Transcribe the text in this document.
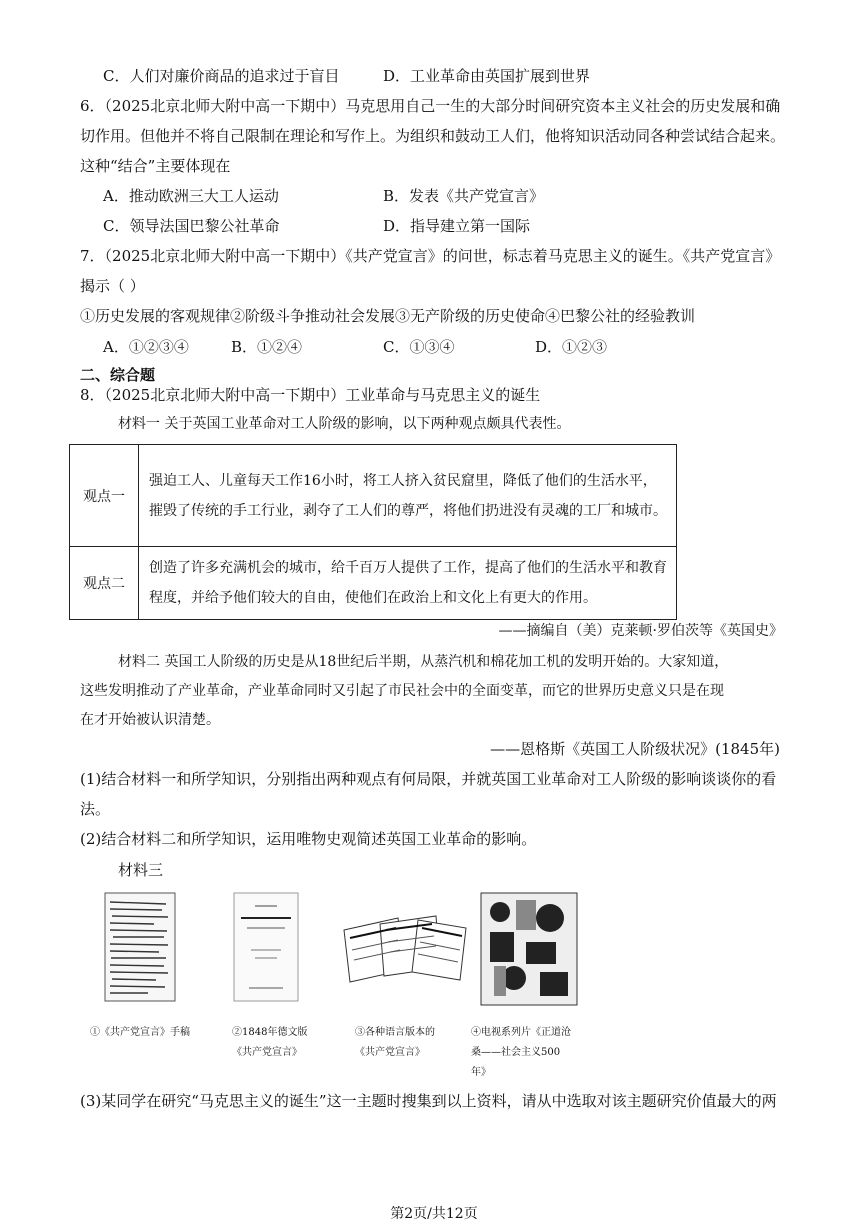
C．人们对廉价商品的追求过于盲目	D．工业革命由英国扩展到世界
6．（2025北京北师大附中高一下期中）马克思用自己一生的大部分时间研究资本主义社会的历史发展和确
切作用。但他并不将自己限制在理论和写作上。为组织和鼓动工人们，他将知识活动同各种尝试结合起来。
这种“结合”主要体现在
A．推动欧洲三大工人运动	B．发表《共产党宣言》
C．领导法国巴黎公社革命	D．指导建立第一国际
7．（2025北京北师大附中高一下期中）《共产党宣言》的问世，标志着马克思主义的诞生。《共产党宣言》
揭示（ ）
①历史发展的客观规律②阶级斗争推动社会发展③无产阶级的历史使命④巴黎公社的经验教训
A．①②③④	B．①②④	C．①③④	D．①②③
二、综合题
8．（2025北京北师大附中高一下期中）工业革命与马克思主义的诞生
材料一 关于英国工业革命对工人阶级的影响，以下两种观点颇具代表性。
观点一	强迫工人、儿童每天工作16小时，将工人挤入贫民窟里，降低了他们的生活水平，摧毁了传统的手工行业，剥夺了工人们的尊严，将他们扔进没有灵魂的工厂和城市。
观点二	创造了许多充满机会的城市，给千百万人提供了工作，提高了他们的生活水平和教育程度，并给予他们较大的自由，使他们在政治上和文化上有更大的作用。
——摘编自（美）克莱顿·罗伯茨等《英国史》
材料二 英国工人阶级的历史是从18世纪后半期，从蒸汽机和棉花加工机的发明开始的。大家知道，
这些发明推动了产业革命，产业革命同时又引起了市民社会中的全面变革，而它的世界历史意义只是在现
在才开始被认识清楚。
——恩格斯《英国工人阶级状况》(1845年)
(1)结合材料一和所学知识，分别指出两种观点有何局限，并就英国工业革命对工人阶级的影响谈谈你的看
法。
(2)结合材料二和所学知识，运用唯物史观简述英国工业革命的影响。
材料三
①《共产党宣言》手稿	②1848年德文版
《共产党宣言》
③各种语言版本的
《共产党宣言》
④电视系列片《正道沧
桑——社会主义500
年》
(3)某同学在研究“马克思主义的诞生”这一主题时搜集到以上资料，请从中选取对该主题研究价值最大的两
第2页/共12页
